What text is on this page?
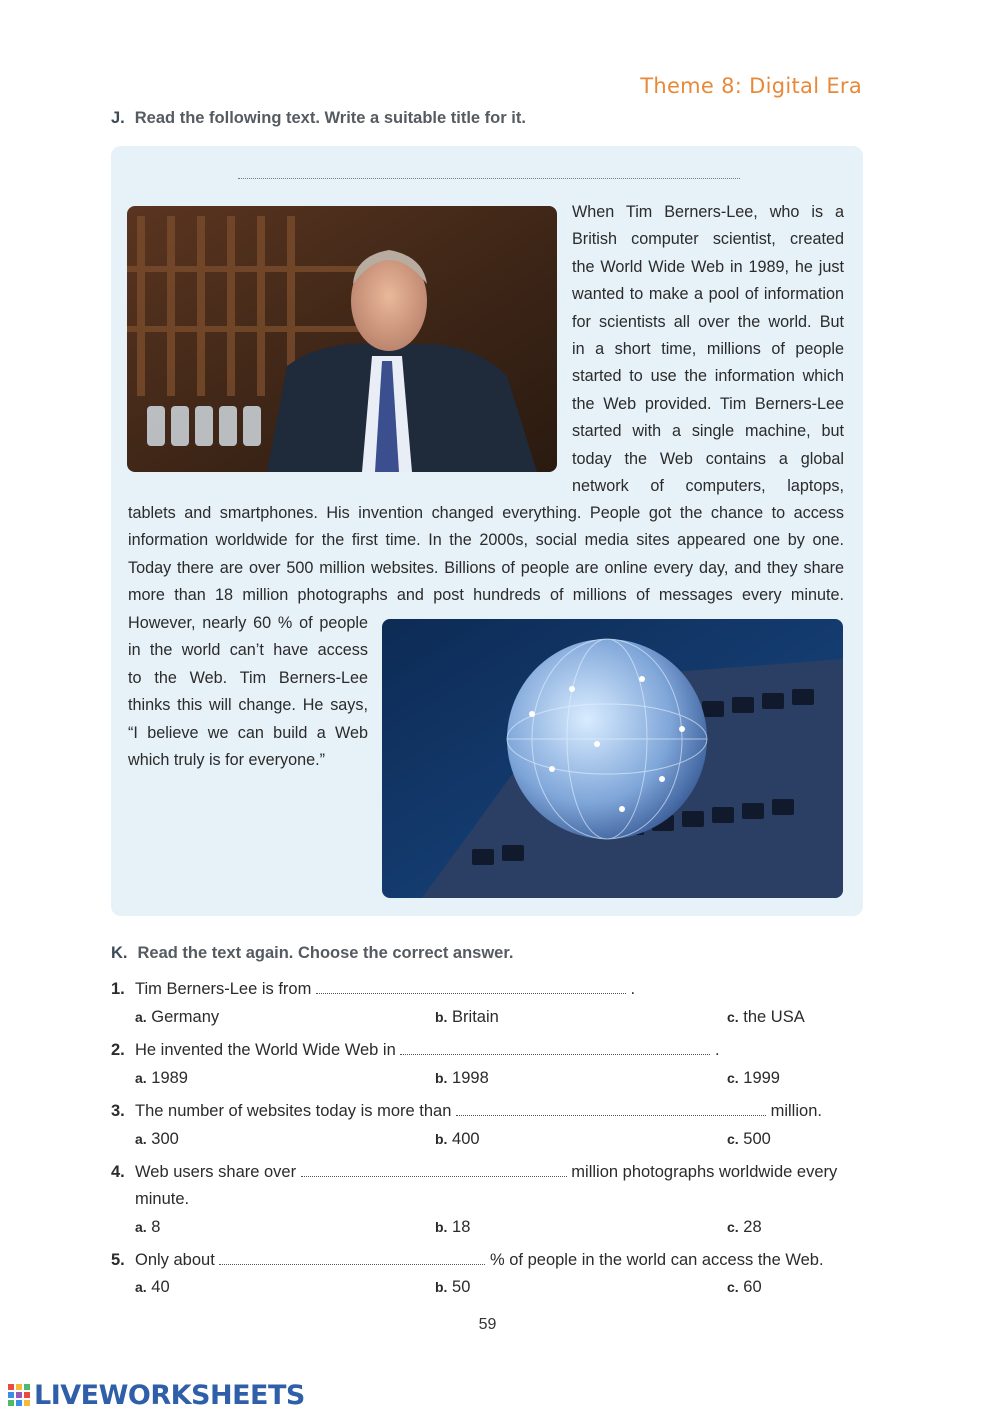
Theme 8: Digital Era
J. Read the following text. Write a suitable title for it.
When Tim Berners-Lee, who is a
British computer scientist, created
the World Wide Web in 1989, he just
wanted to make a pool of information
for scientists all over the world. But
in a short time, millions of people
started to use the information which
the Web provided. Tim Berners-Lee
started with a single machine, but
today the Web contains a global
network of computers, laptops,
tablets and smartphones. His invention changed everything. People got the chance to access
information worldwide for the first time. In the 2000s, social media sites appeared one by one.
Today there are over 500 million websites. Billions of people are online every day, and they share
more than 18 million photographs and post hundreds of millions of messages every minute.
However, nearly 60 % of people
in the world can’t have access
to the Web. Tim Berners-Lee
thinks this will change. He says,
“I believe we can build a Web
which truly is for everyone.”
K. Read the text again. Choose the correct answer.
1. Tim Berners-Lee is from	.
a. Germany	b. Britain	c. the USA
2. He invented the World Wide Web in	.
a. 1989	b. 1998	c. 1999
3. The number of websites today is more than	million.
a. 300	b. 400	c. 500
4. Web users share over	million photographs worldwide every
minute.
a. 8	b. 18	c. 28
5. Only about	% of people in the world can access the Web.
a. 40	b. 50	c. 60
59
LIVEWORKSHEETS
